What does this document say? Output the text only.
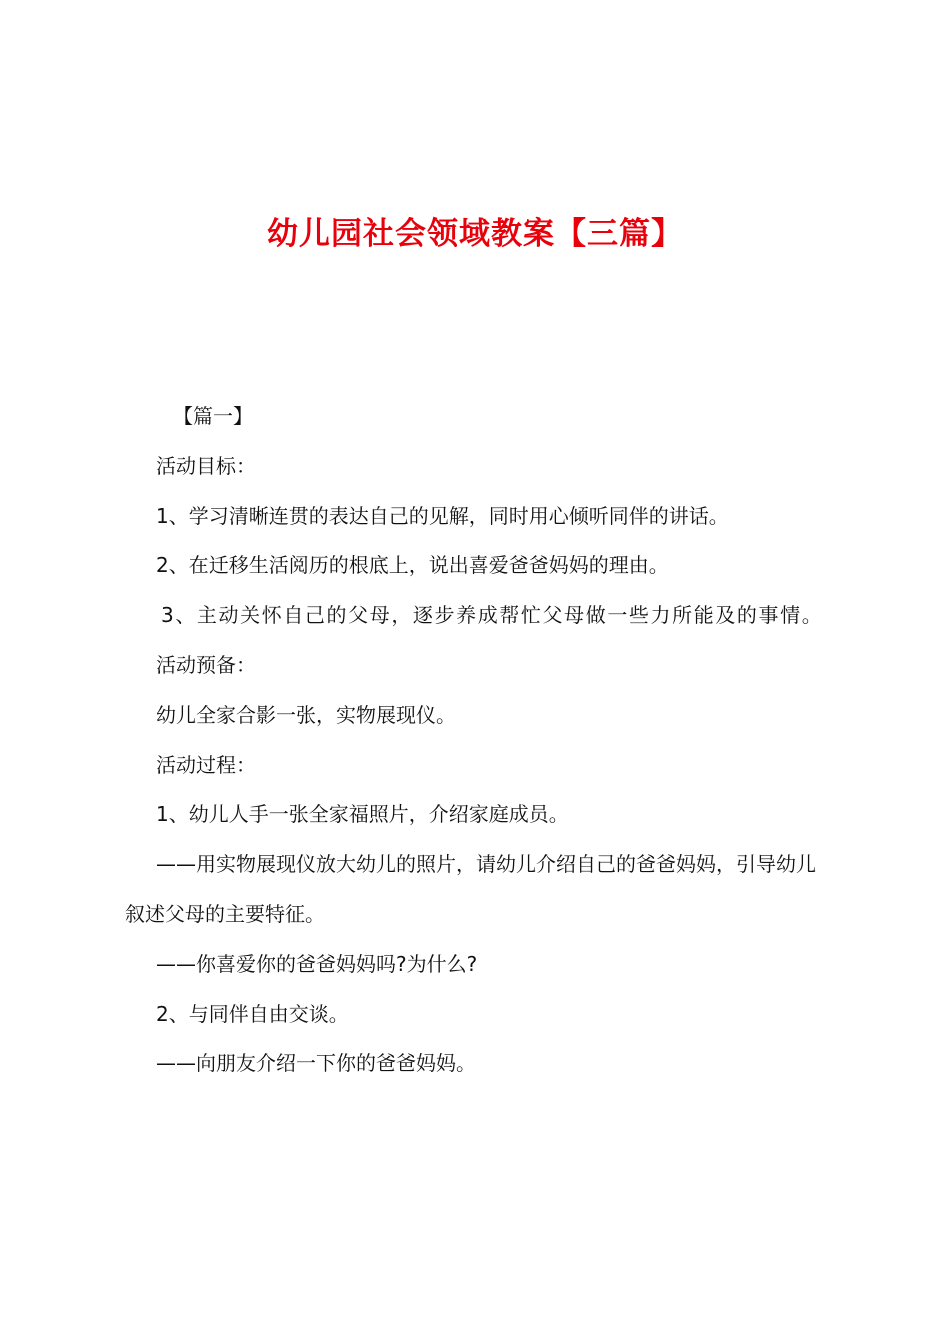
幼儿园社会领域教案【三篇】

【篇一】

活动目标：

1、学习清晰连贯的表达自己的见解，同时用心倾听同伴的讲话。

2、在迁移生活阅历的根底上，说出喜爱爸爸妈妈的理由。

3、主动关怀自己的父母，逐步养成帮忙父母做一些力所能及的事情。

活动预备：

幼儿全家合影一张，实物展现仪。

活动过程：

1、幼儿人手一张全家福照片，介绍家庭成员。

——用实物展现仪放大幼儿的照片，请幼儿介绍自己的爸爸妈妈，引导幼儿叙述父母的主要特征。

——你喜爱你的爸爸妈妈吗?为什么?

2、与同伴自由交谈。

——向朋友介绍一下你的爸爸妈妈。
